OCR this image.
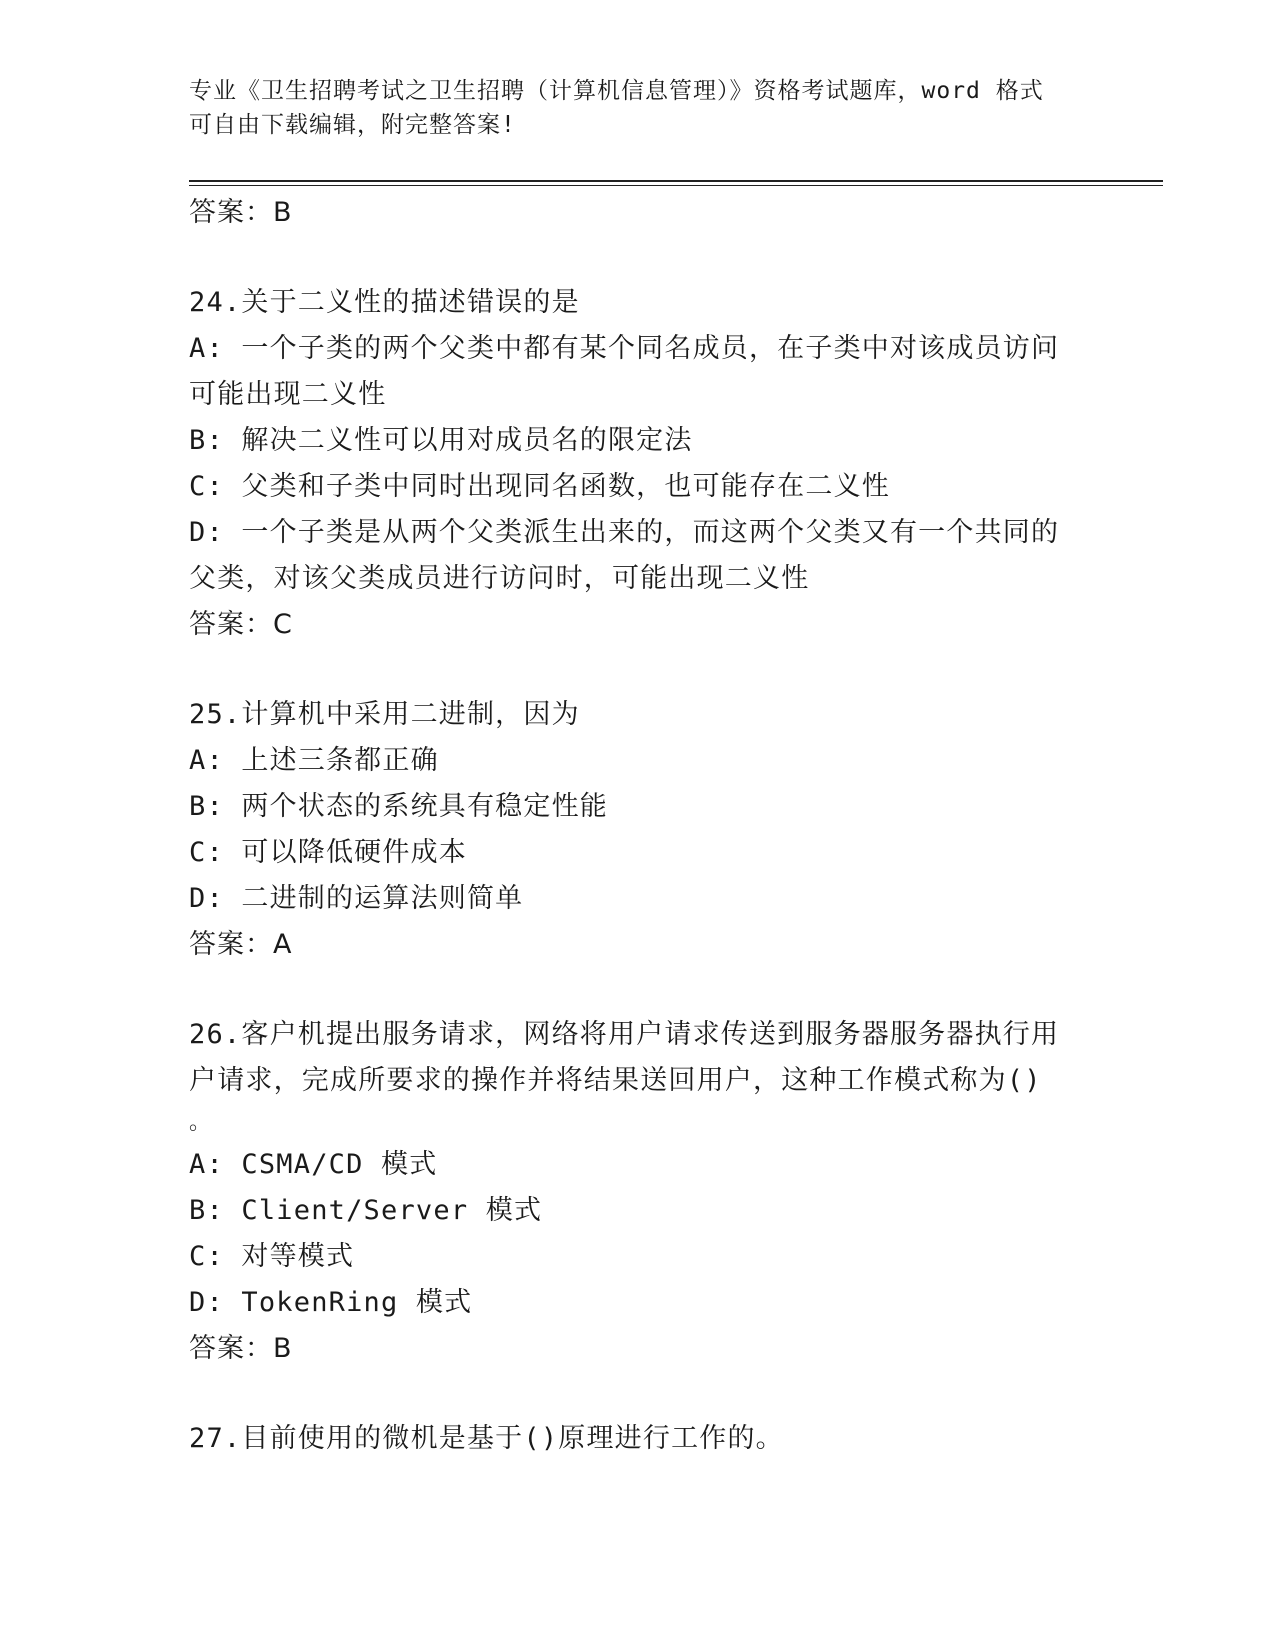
专业《卫生招聘考试之卫生招聘（计算机信息管理）》资格考试题库，word 格式
可自由下载编辑，附完整答案!
答案：B
24.关于二义性的描述错误的是
A: 一个子类的两个父类中都有某个同名成员，在子类中对该成员访问
可能出现二义性
B: 解决二义性可以用对成员名的限定法
C: 父类和子类中同时出现同名函数，也可能存在二义性
D: 一个子类是从两个父类派生出来的，而这两个父类又有一个共同的
父类，对该父类成员进行访问时，可能出现二义性
答案：C
25.计算机中采用二进制，因为
A: 上述三条都正确
B: 两个状态的系统具有稳定性能
C: 可以降低硬件成本
D: 二进制的运算法则简单
答案：A
26.客户机提出服务请求，网络将用户请求传送到服务器服务器执行用
户请求，完成所要求的操作并将结果送回用户，这种工作模式称为()
。
A: CSMA/CD 模式
B: Client/Server 模式
C: 对等模式
D: TokenRing 模式
答案：B
27.目前使用的微机是基于()原理进行工作的。
